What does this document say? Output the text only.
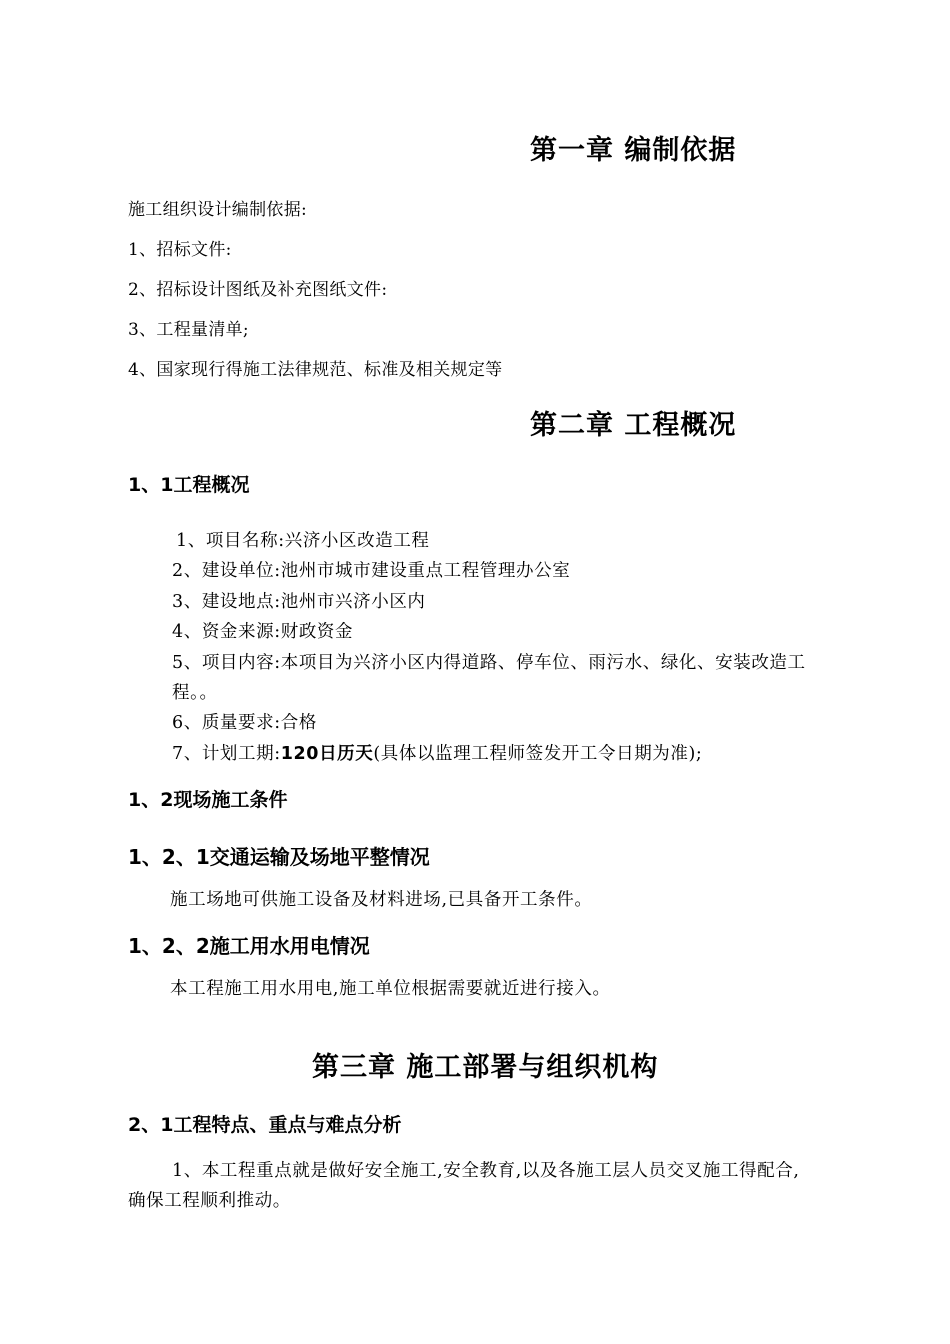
第一章 编制依据
施工组织设计编制依据:
1、招标文件:
2、招标设计图纸及补充图纸文件:
3、工程量清单;
4、国家现行得施工法律规范、标准及相关规定等
第二章 工程概况
1、1工程概况
1、项目名称:兴济小区改造工程
2、建设单位:池州市城市建设重点工程管理办公室
3、建设地点:池州市兴济小区内
4、资金来源:财政资金
5、项目内容:本项目为兴济小区内得道路、停车位、雨污水、绿化、安装改造工
程。。
6、质量要求:合格
7、计划工期:120日历天(具体以监理工程师签发开工令日期为准);
1、2现场施工条件
1、2、1交通运输及场地平整情况
施工场地可供施工设备及材料进场,已具备开工条件。
1、2、2施工用水用电情况
本工程施工用水用电,施工单位根据需要就近进行接入。
第三章 施工部署与组织机构
2、1工程特点、重点与难点分析
1、本工程重点就是做好安全施工,安全教育,以及各施工层人员交叉施工得配合,
确保工程顺利推动。
